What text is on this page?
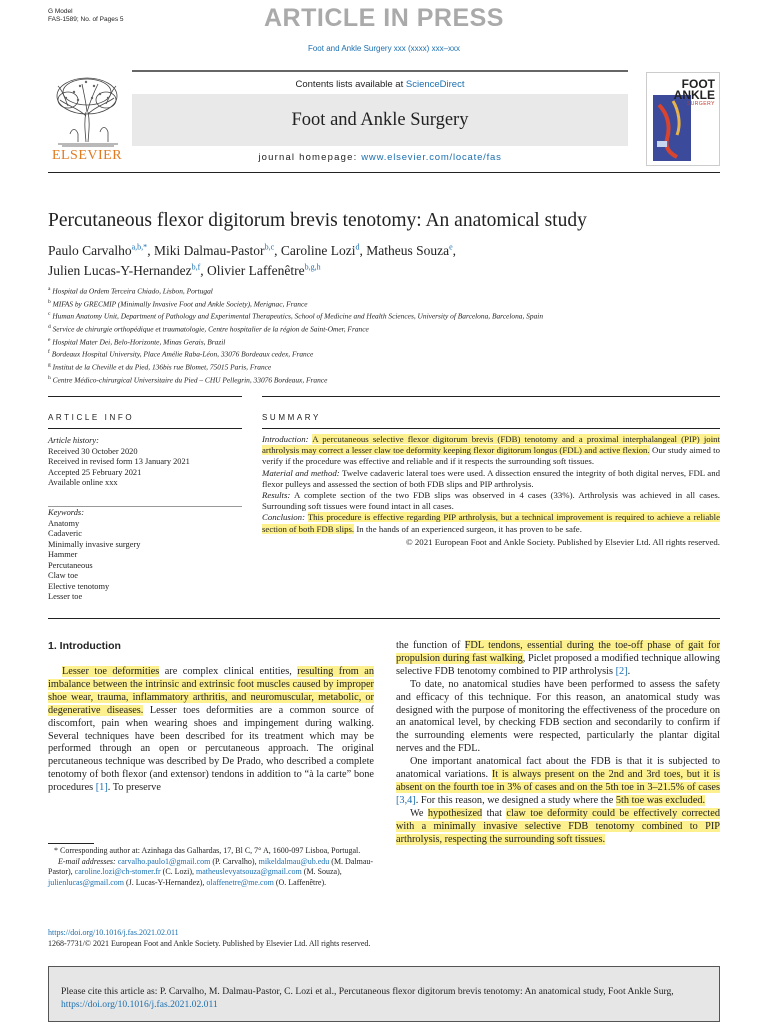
G Model
FAS-1589; No. of Pages 5	ARTICLE IN PRESS
Foot and Ankle Surgery xxx (xxxx) xxx–xxx
ELSEVIER
Contents lists available at ScienceDirect
Foot and Ankle Surgery
journal homepage: www.elsevier.com/locate/fas
FOOT
ANKLE
SURGERY
Percutaneous flexor digitorum brevis tenotomy: An anatomical study
Paulo Carvalho$^{a,b,*}$, Miki Dalmau-Pastor$^{b,c}$, Caroline Lozi$^d$, Matheus Souza$^e$,
Julien Lucas-Y-Hernandez$^{b,f}$, Olivier Laffenêtre$^{b,g,h}$
$^a$ Hospital da Ordem Terceira Chiado, Lisbon, Portugal
$^b$ MIFAS by GRECMIP (Minimally Invasive Foot and Ankle Society), Merignac, France
$^c$ Human Anatomy Unit, Department of Pathology and Experimental Therapeutics, School of Medicine and Health Sciences, University of Barcelona, Barcelona, Spain
$^d$ Service de chirurgie orthopédique et traumatologie, Centre hospitalier de la région de Saint-Omer, France
$^e$ Hospital Mater Dei, Belo-Horizonte, Minas Gerais, Brazil
$^f$ Bordeaux Hospital University, Place Amélie Raba-Léon, 33076 Bordeaux cedex, France
$^g$ Institut de la Cheville et du Pied, 136bis rue Blomet, 75015 Paris, France
$^h$ Centre Médico-chirurgical Universitaire du Pied – CHU Pellegrin, 33076 Bordeaux, France
ARTICLE INFO	SUMMARY
Article history:
Received 30 October 2020
Received in revised form 13 January 2021
Accepted 25 February 2021
Available online xxx
Keywords:
Anatomy
Cadaveric
Minimally invasive surgery
Hammer
Percutaneous
Claw toe
Elective tenotomy
Lesser toe
Introduction: A percutaneous selective flexor digitorum brevis (FDB) tenotomy and a proximal interphalangeal (PIP) joint arthrolysis may correct a lesser claw toe deformity keeping flexor digitorum longus (FDL) and active flexion. Our study aimed to verify if the procedure was effective and reliable and if it respects the surrounding soft tissues.
Material and method: Twelve cadaveric lateral toes were used. A dissection ensured the integrity of both digital nerves, FDL and flexor pulleys and assessed the section of both FDB slips and PIP arthrolysis.
Results: A complete section of the two FDB slips was observed in 4 cases (33%). Arthrolysis was achieved in all cases. Surrounding soft tissues were found intact in all cases.
Conclusion: This procedure is effective regarding PIP arthrolysis, but a technical improvement is required to achieve a reliable section of both FDB slips. In the hands of an experienced surgeon, it has proven to be safe.
© 2021 European Foot and Ankle Society. Published by Elsevier Ltd. All rights reserved.
1. Introduction

Lesser toe deformities are complex clinical entities, resulting from an imbalance between the intrinsic and extrinsic foot muscles caused by improper shoe wear, trauma, inflammatory arthritis, and neuromuscular, metabolic, or degenerative diseases. Lesser toes deformities are a common source of discomfort, pain when wearing shoes and impingement during walking. Several techniques have been described for its treatment which may be performed through an open or percutaneous approach. The original percutaneous technique was described by De Prado, who described a complete tenotomy of both flexor (and extensor) tendons in addition to “à la carte” bone procedures [1]. To preserve

the function of FDL tendons, essential during the toe-off phase of gait for propulsion during fast walking, Piclet proposed a modified technique allowing selective FDB tenotomy combined to PIP arthrolysis [2].

To date, no anatomical studies have been performed to assess the safety and efficacy of this technique. For this reason, an anatomical study was designed with the purpose of monitoring the effectiveness of the procedure on an anatomical level, by checking FDB section and secondarily to confirm if the surrounding elements were respected, particularly the plantar digital nerves and the FDL.

One important anatomical fact about the FDB is that it is subjected to anatomical variations. It is always present on the 2nd and 3rd toes, but it is absent on the fourth toe in 3% of cases and on the 5th toe in 3–21.5% of cases [3,4]. For this reason, we designed a study where the 5th toe was excluded.

We hypothesized that claw toe deformity could be effectively corrected with a minimally invasive selective FDB tenotomy combined to PIP arthrolysis, respecting the surrounding soft tissues.

* Corresponding author at: Azinhaga das Galhardas, 17, Bl C, 7° A, 1600-097 Lisboa, Portugal.
E-mail addresses: carvalho.paulo1@gmail.com (P. Carvalho), mikeldalmau@ub.edu (M. Dalmau-Pastor), caroline.lozi@ch-stomer.fr (C. Lozi), matheuslevyatsouza@gmail.com (M. Souza), julienlucas@gmail.com (J. Lucas-Y-Hernandez), olaffenetre@me.com (O. Laffenêtre).
https://doi.org/10.1016/j.fas.2021.02.011
1268-7731/© 2021 European Foot and Ankle Society. Published by Elsevier Ltd. All rights reserved.
Please cite this article as: P. Carvalho, M. Dalmau-Pastor, C. Lozi et al., Percutaneous flexor digitorum brevis tenotomy: An anatomical study, Foot Ankle Surg, https://doi.org/10.1016/j.fas.2021.02.011
